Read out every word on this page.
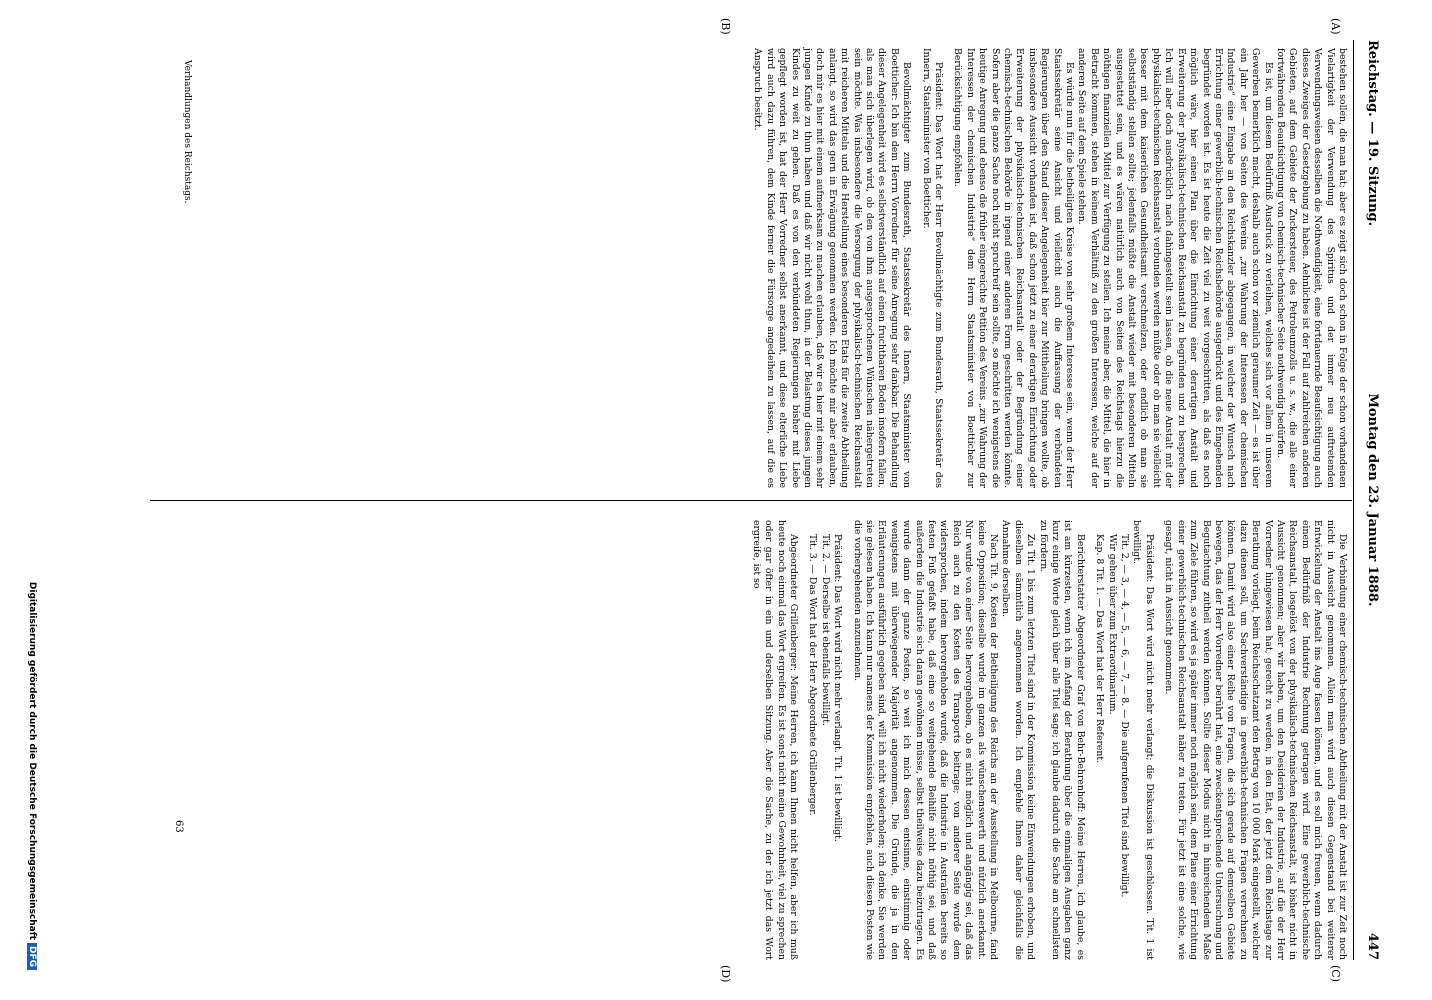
Reichstag. — 19. Sitzung.
Montag den 23. Januar 1888.
447
(A)
(B)
(C)
(D)

bestehen sollen, die man hat; aber es zeigt sich doch schon in Folge der schon vorhandenen Vielartigkeit der Verwendung des Spiritus und der immer neu auftretenden Verwendungsweisen desselben die Nothwendigkeit, eine fortdauernde Beaufsichtigung auch dieses Zweiges der Gesetzgebung zu haben. Aehnliches ist der Fall auf zahlreichen anderen Gebieten, auf dem Gebiete der Zuckersteuer, des Petroleumzolls u. s. w., die alle einer fortwährenden Beaufsichtigung von chemisch-technischer Seite nothwendig bedürfen.

Es ist, um diesem Bedürfniß Ausdruck zu verleihen, welches sich vor allem in unserem Gewerben bemerklich macht, deshalb auch schon vor ziemlich geraumer Zeit — es ist über ein Jahr her — von Seiten des Vereins „zur Wahrung der Interessen der chemischen Industrie“ eine Eingabe an den Reichskanzler abgegangen, in welcher der Wunsch nach Errichtung einer gewerblich-technischen Reichsbehörde ausgedrückt und des Eingehenden begründet worden ist. Es ist heute die Zeit viel zu weit vorgeschritten, als daß es noch möglich wäre, hier einen Plan über die Einrichtung einer derartigen Anstalt und Erweiterung der physikalisch-technischen Reichsanstalt zu begründen und zu besprechen. Ich will aber doch ausdrücklich nach dahingestellt sein lassen, ob die neue Anstalt mit der physikalisch-technischen Reichsanstalt verbunden werden müßte oder ob man sie vielleicht besser mit dem kaiserlichen Gesundheitsamt verschmelzen, oder endlich ob man sie selbstständig stellen sollte; jedenfalls müßte die Anstalt wieder mit besonderen Mitteln ausgestattet sein, und es wären natürlich auch von Seiten des Reichstags hierzu die nöthigen finanziellen Mittel zur Verfügung zu stellen. Ich meine aber, die Mittel, die hier in Betracht kommen, stehen in keinem Verhältniß zu den großen Interessen, welche auf der anderen Seite auf dem Spiele stehen.

Es würde nun für die betheiligten Kreise von sehr großem Interesse sein, wenn der Herr Staatssekretär seine Ansicht und vielleicht auch die Auffassung der verbündeten Regierungen über den Stand dieser Angelegenheit hier zur Mittheilung bringen wollte, ob insbesondere Aussicht vorhanden ist, daß schon jetzt zu einer derartigen Einrichtung oder Erweiterung der physikalisch-technischen Reichsanstalt oder der Begründung einer chemisch-technischen Behörde in irgend einer anderen Form geschritten werden könnte. Sofern aber die ganze Sache noch nicht spruchreif sein sollte, so möchte ich wenigstens die heutige Anregung und ebenso die früher eingereichte Petition des Vereins „zur Wahrung der Interessen der chemischen Industrie“ dem Herrn Staatsminister von Boetticher zur Berücksichtigung empfohlen.

Präsident: Das Wort hat der Herr Bevollmächtigte zum Bundesrath, Staatssekretär des Innern, Staatsminister von Boetticher.

Bevollmächtigter zum Bundesrath, Staatssekretär des Innern, Staatsminister von Boetticher: Ich bin dem Herrn Vorredner für seine Anregung sehr dankbar. Die Behandlung dieser Angelegenheit wird es selbstverständlich auf einen fruchtbaren Boden insofern fallen, als man sich überlegen wird, ob den von ihm ausgesprochenen Wünschen nähergetreten sein möchte. Was insbesondere die Versorgung der physikalisch-technischen Reichsanstalt mit reicheren Mitteln und die Herstellung eines besonderen Etats für die zweite Abtheilung anlangt, so wird das gern in Erwägung genommen werden. Ich möchte mir aber erlauben, doch mir es hier mit einem aufmerksam zu machen erlauben, daß wir es hier mit einem sehr jungen Kinde zu thun haben und daß wir nicht wohl thun, in der Belastung dieses jungen Kindes zu weit zu gehen. Daß es von den verbündeten Regierungen bisher mit Liebe gepflegt worden ist, hat der Herr Vorredner selbst anerkannt, und diese elterliche Liebe wird auch dazu führen, dem Kinde ferner die Fürsorge angedeihen zu lassen, auf die es Anspruch besitzt.

Die Verbindung einer chemisch-technischen Abtheilung mit der Anstalt ist zur Zeit noch nicht in Aussicht genommen. Allein man wird auch diesen Gegenstand bei weiterer Entwickelung der Anstalt ins Auge fassen können, und es soll mich freuen, wenn dadurch einem Bedürfniß der Industrie Rechnung getragen wird. Eine gewerblich-technische Reichsanstalt, losgelöst von der physikalisch-technischen Reichsanstalt, ist bisher nicht in Aussicht genommen; aber wir haben, um den Desiderien der Industrie, auf die der Herr Vorredner hingewiesen hat, gerecht zu werden, in den Etat, der jetzt dem Reichstage zur Berathung vorliegt, beim Reichsschatzamt den Betrag von 10 000 Mark eingestellt, welcher dazu dienen soll, um Sachverständige in gewerblich-technischen Fragen verrechnen zu können. Damit wird also einer Reihe von Fragen, die sich gerade auf demselben Gebiete bewegen, das der Herr Vorredner berührt hat, eine zweckentsprechende Untersuchung und Begutachtung zutheil werden können. Sollte dieser Modus nicht in hinreichendem Maße zum Ziele führen, so wird es ja später immer noch möglich sein, dem Plane einer Errichtung einer gewerblich-technischen Reichsanstalt näher zu treten. Für jetzt ist eine solche, wie gesagt, nicht in Aussicht genommen.

Präsident: Das Wort wird nicht mehr verlangt; die Diskussion ist geschlossen. Tit. 1 ist bewilligt.

Tit. 2, — 3, — 4, — 5, — 6, — 7, — 8. — Die aufgerufenen Titel sind bewilligt.

Wir gehen über zum Extraordinarium.

Kap. 8 Tit. 1. — Das Wort hat der Herr Referent.

Berichterstatter Abgeordneter Graf von Behr-Behrenhoff: Meine Herren, ich glaube, es ist am kürzesten, wenn ich im Anfang der Berathung über die einmaligen Ausgaben ganz kurz einige Worte gleich über alle Titel sage; ich glaube dadurch die Sache am schnellsten zu fördern.

Zu Tit. 1 bis zum letzten Titel sind in der Kommission keine Einwendungen erhoben, und dieselben sämmtlich angenommen worden. Ich empfehle Ihnen daher gleichfalls die Annahme derselben.

Nach Tit. 9, Kosten der Betheiligung des Reichs an der Ausstellung in Melbourne, fand keine Opposition; dieselbe wurde im ganzen als wünschenswerth und nützlich anerkannt. Nur wurde von einer Seite hervorgehoben, ob es nicht möglich und angängig sei, daß das Reich auch zu den Kosten des Transports beitrage; von anderer Seite wurde dem widersprochen, indem hervorgehoben wurde, daß die Industrie in Australien bereits so festen Fuß gefaßt habe, daß eine so weitgehende Beihilfe nicht nöthig sei, und daß außerdem die Industrie sich daran gewöhnen müsse, selbst theilweise dazu beizutragen. Es wurde dann der ganze Posten, so weit ich mich dessen entsinne, einstimmig oder wenigstens mit überwiegender Majorität angenommen. Die Gründe, die ja in den Erläuterungen ausführlich gegeben sind, will ich nicht wiederholen; ich denke, Sie werden sie gelesen haben. Ich kann nur namens der Kommission empfehlen, auch diesen Posten wie die vorhergehenden anzunehmen.

Präsident: Das Wort wird nicht mehr verlangt. Tit. 1 ist bewilligt.

Tit. 2. — Derselbe ist ebenfalls bewilligt.

Tit. 3. — Das Wort hat der Herr Abgeordnete Grillenberger.

Abgeordneter Grillenberger: Meine Herren, ich kann Ihnen nicht helfen, aber ich muß heute noch einmal das Wort ergreifen. Es ist sonst nicht meine Gewohnheit, viel zu sprechen oder gar öfter in ein und derselben Sitzung. Aber die Sache, zu der ich jetzt das Wort ergreife, ist so

Verhandlungen des Reichstags.
63
Digitalisierung gefördert durch die Deutsche ForschungsgemeinschaftDFG
